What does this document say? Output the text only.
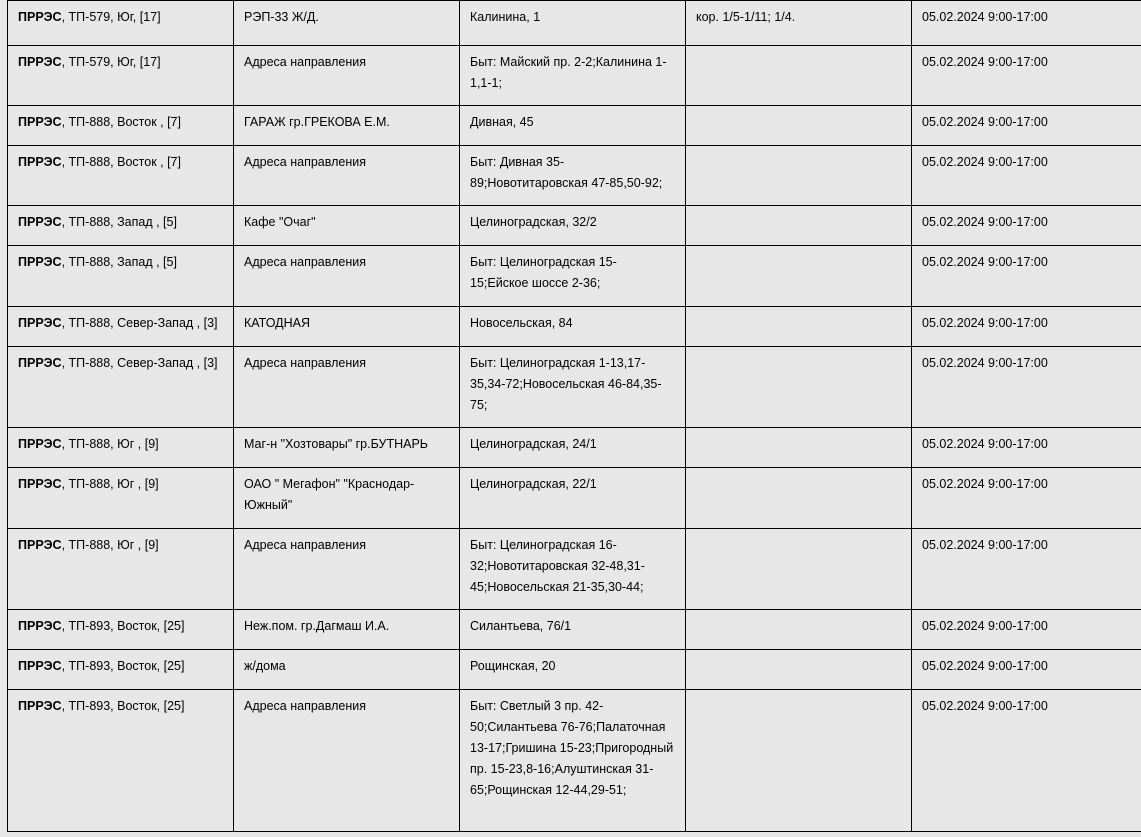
ПРРЭС, ТП-579, Юг, [17]	РЭП-33 Ж/Д.	Калинина, 1	кор. 1/5-1/11; 1/4.	05.02.2024 9:00-17:00
ПРРЭС, ТП-579, Юг, [17]	Адреса направления	Быт: Майский пр. 2-2;Калинина 1-1,1-1;		05.02.2024 9:00-17:00
ПРРЭС, ТП-888, Восток , [7]	ГАРАЖ гр.ГРЕКОВА Е.М.	Дивная, 45		05.02.2024 9:00-17:00
ПРРЭС, ТП-888, Восток , [7]	Адреса направления	Быт: Дивная 35-89;Новотитаровская 47-85,50-92;		05.02.2024 9:00-17:00
ПРРЭС, ТП-888, Запад , [5]	Кафе "Очаг"	Целиноградская, 32/2		05.02.2024 9:00-17:00
ПРРЭС, ТП-888, Запад , [5]	Адреса направления	Быт: Целиноградская 15-15;Ейское шоссе 2-36;		05.02.2024 9:00-17:00
ПРРЭС, ТП-888, Север-Запад , [3]	КАТОДНАЯ	Новосельская, 84		05.02.2024 9:00-17:00
ПРРЭС, ТП-888, Север-Запад , [3]	Адреса направления	Быт: Целиноградская 1-13,17-35,34-72;Новосельская 46-84,35-75;		05.02.2024 9:00-17:00
ПРРЭС, ТП-888, Юг , [9]	Маг-н "Хозтовары" гр.БУТНАРЬ	Целиноградская, 24/1		05.02.2024 9:00-17:00
ПРРЭС, ТП-888, Юг , [9]	ОАО " Мегафон" "Краснодар-Южный"	Целиноградская, 22/1		05.02.2024 9:00-17:00
ПРРЭС, ТП-888, Юг , [9]	Адреса направления	Быт: Целиноградская 16-32;Новотитаровская 32-48,31-45;Новосельская 21-35,30-44;		05.02.2024 9:00-17:00
ПРРЭС, ТП-893, Восток, [25]	Неж.пом. гр.Дагмаш И.А.	Силантьева, 76/1		05.02.2024 9:00-17:00
ПРРЭС, ТП-893, Восток, [25]	ж/дома	Рощинская, 20		05.02.2024 9:00-17:00
ПРРЭС, ТП-893, Восток, [25]	Адреса направления	Быт: Светлый 3 пр. 42-50;Силантьева 76-76;Палаточная 13-17;Гришина 15-23;Пригородный пр. 15-23,8-16;Алуштинская 31-65;Рощинская 12-44,29-51;		05.02.2024 9:00-17:00
